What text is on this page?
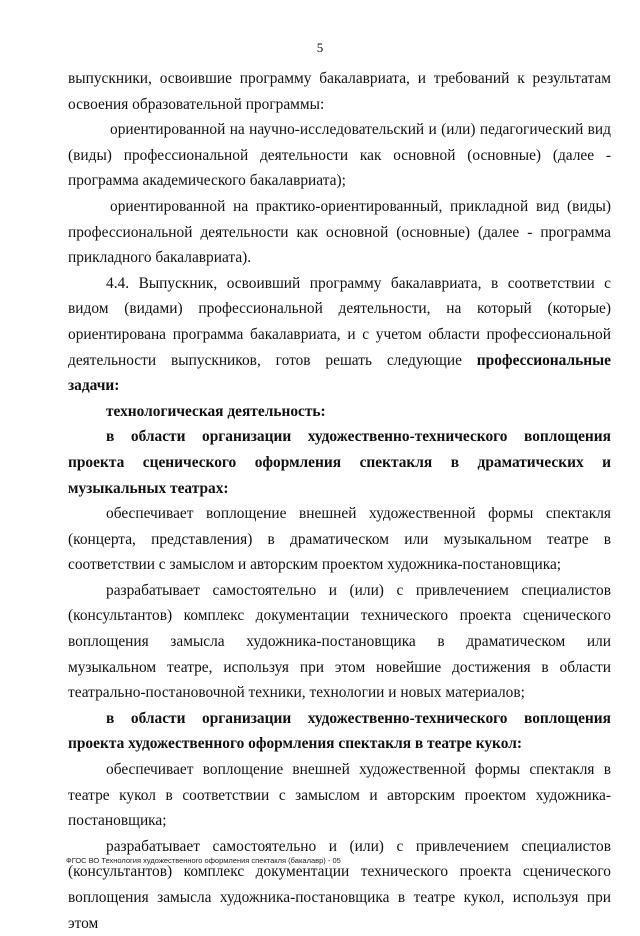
5

выпускники, освоившие программу бакалавриата, и требований к результатам освоения образовательной программы:

ориентированной на научно-исследовательский и (или) педагогический вид (виды) профессиональной деятельности как основной (основные) (далее - программа академического бакалавриата);

ориентированной на практико-ориентированный, прикладной вид (виды) профессиональной деятельности как основной (основные) (далее - программа прикладного бакалавриата).

4.4. Выпускник, освоивший программу бакалавриата, в соответствии с видом (видами) профессиональной деятельности, на который (которые) ориентирована программа бакалавриата, и с учетом области профессиональной деятельности выпускников, готов решать следующие профессиональные задачи:

технологическая деятельность:

в области организации художественно-технического воплощения проекта сценического оформления спектакля в драматических и музыкальных театрах:

обеспечивает воплощение внешней художественной формы спектакля (концерта, представления) в драматическом или музыкальном театре в соответствии с замыслом и авторским проектом художника-постановщика;

разрабатывает самостоятельно и (или) с привлечением специалистов (консультантов) комплекс документации технического проекта сценического воплощения замысла художника-постановщика в драматическом или музыкальном театре, используя при этом новейшие достижения в области театрально-постановочной техники, технологии и новых материалов;

в области организации художественно-технического воплощения проекта художественного оформления спектакля в театре кукол:

обеспечивает воплощение внешней художественной формы спектакля в театре кукол в соответствии с замыслом и авторским проектом художника-постановщика;

разрабатывает самостоятельно и (или) с привлечением специалистов (консультантов) комплекс документации технического проекта сценического воплощения замысла художника-постановщика в театре кукол, используя при этом

ФГОС ВО Технология художественного оформления спектакля (бакалавр) - 05
